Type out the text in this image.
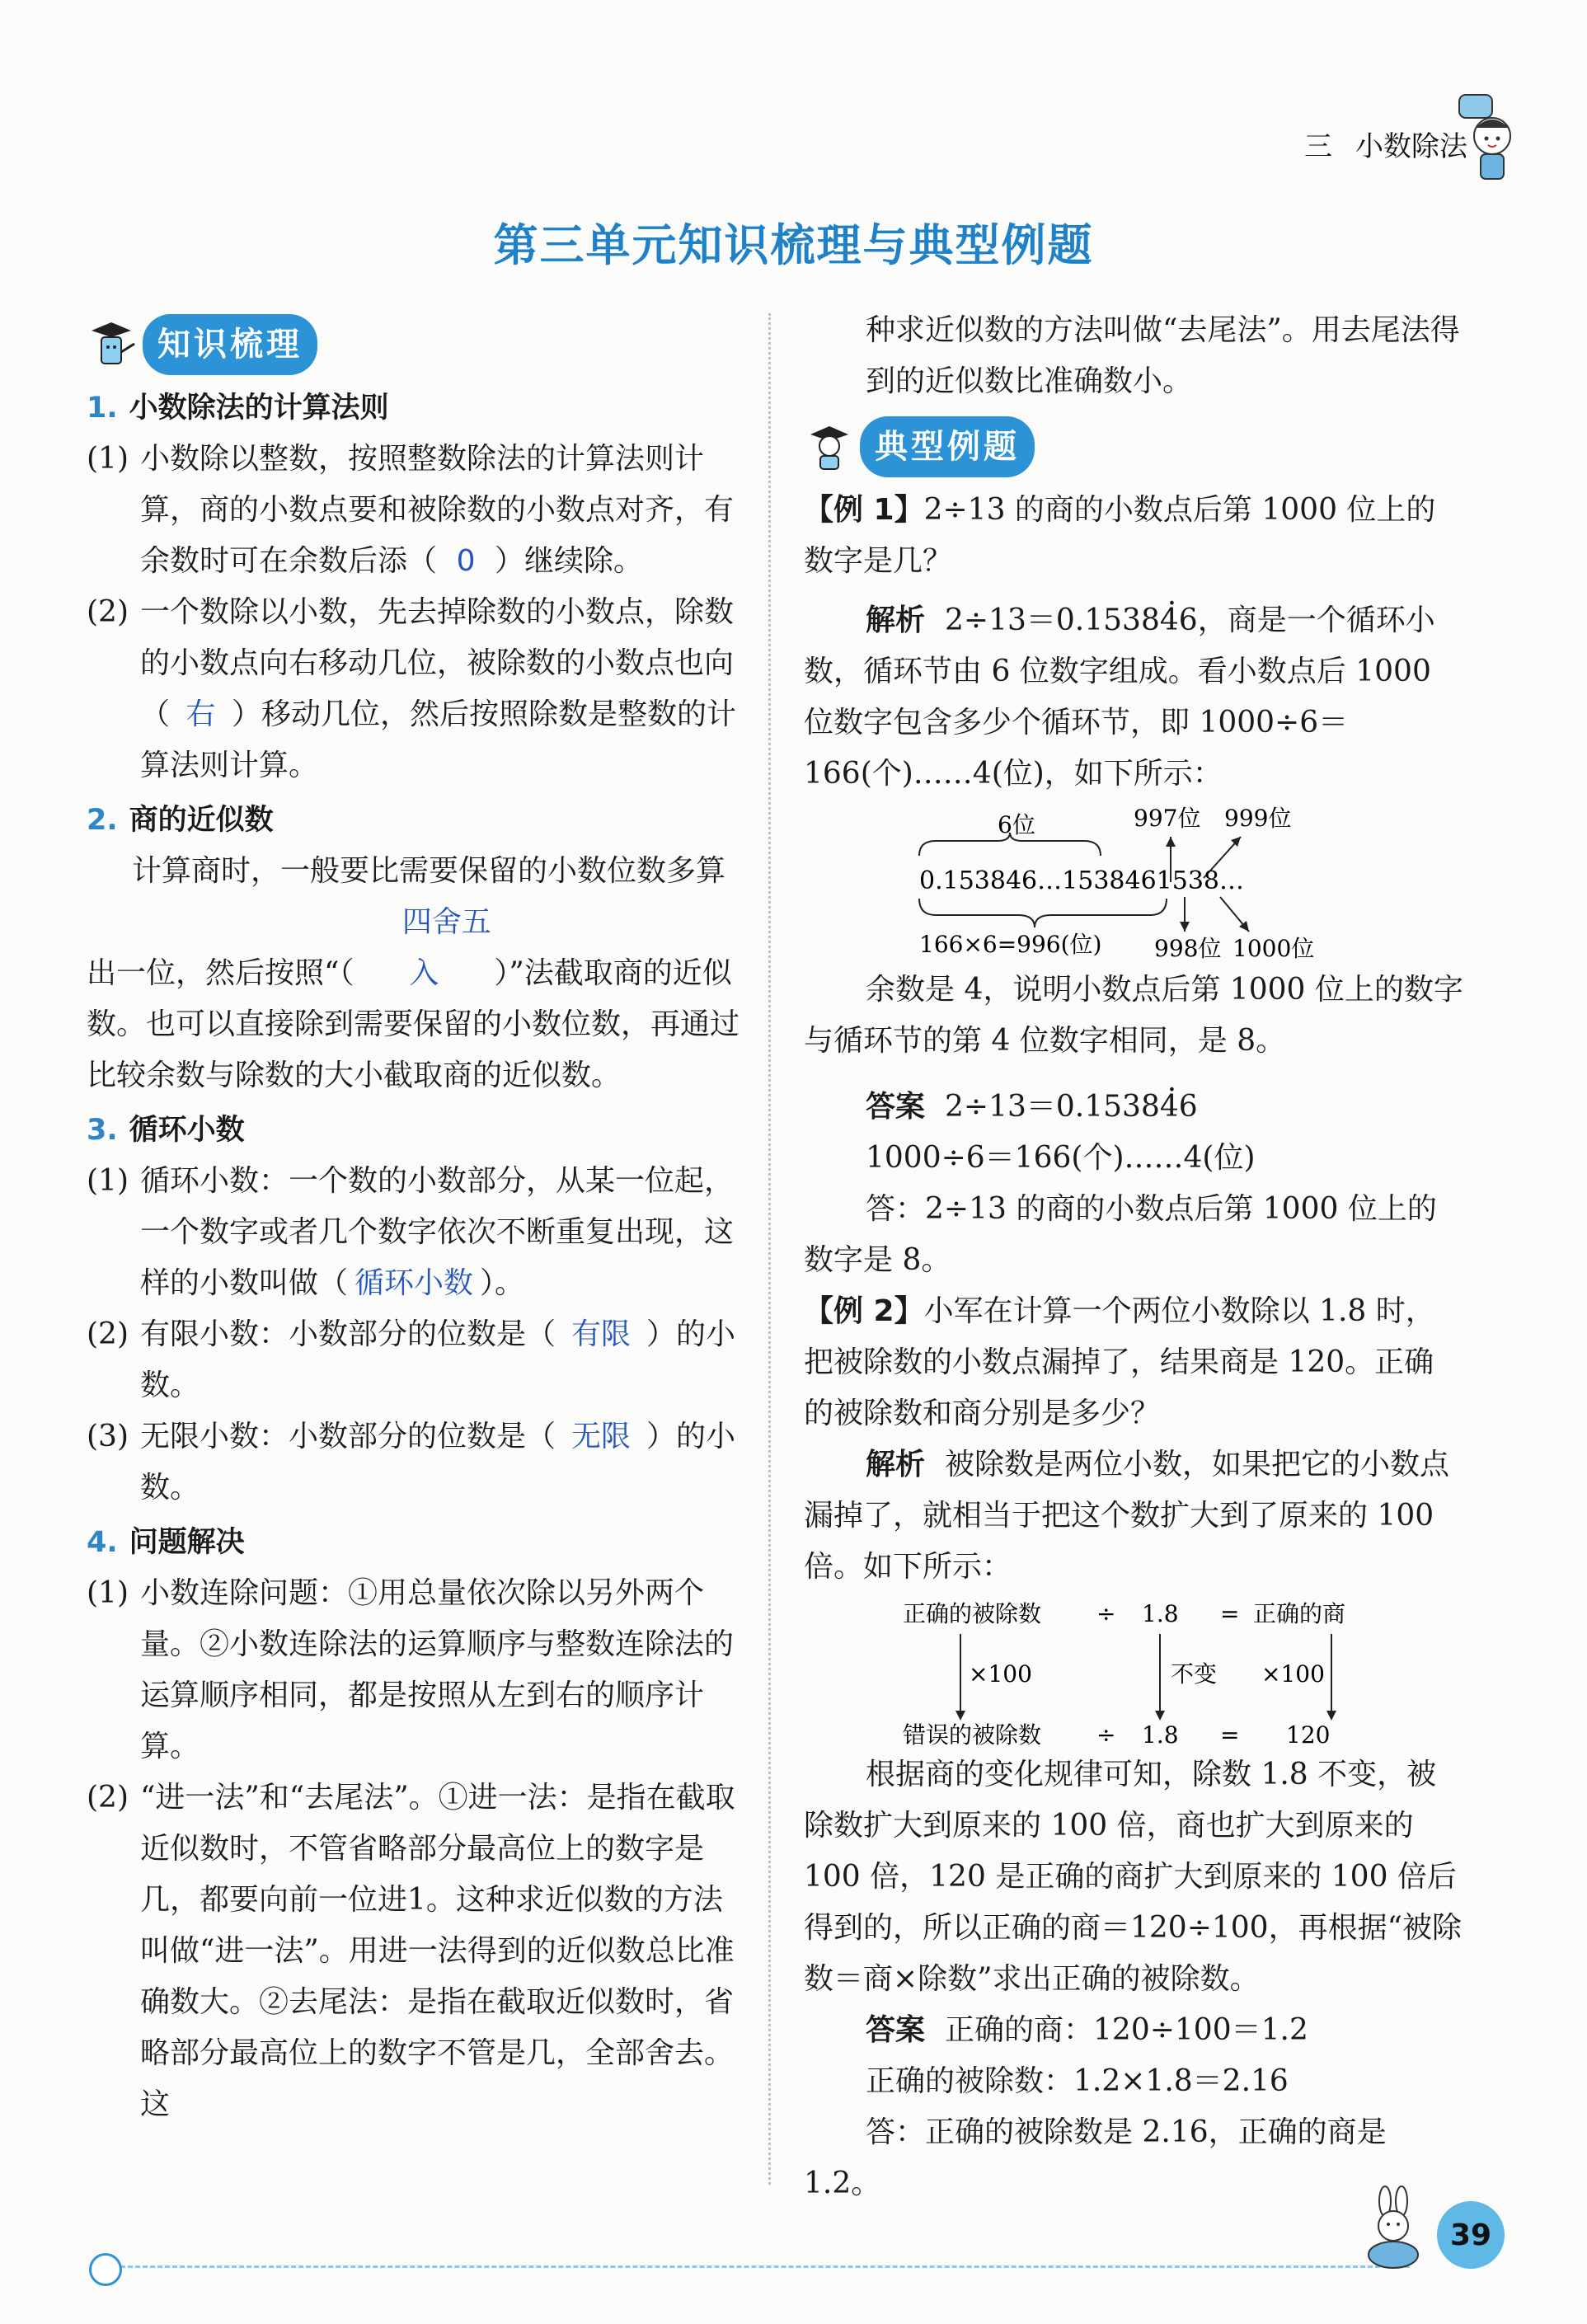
三 小数除法
第三单元知识梳理与典型例题
知识梳理
1. 小数除法的计算法则
(1) 小数除以整数，按照整数除法的计算法则计算，商的小数点要和被除数的小数点对齐，有余数时可在余数后添（ 0 ）继续除。
(2) 一个数除以小数，先去掉除数的小数点，除数的小数点向右移动几位，被除数的小数点也向（ 右 ）移动几位，然后按照除数是整数的计算法则计算。
2. 商的近似数

计算商时，一般要比需要保留的小数位数多算出一位，然后按照“（四舍五入 ）”法截取商的近似数。也可以直接除到需要保留的小数位数，再通过比较余数与除数的大小截取商的近似数。

3. 循环小数
(1) 循环小数：一个数的小数部分，从某一位起，一个数字或者几个数字依次不断重复出现，这样的小数叫做（ 循环小数 ）。
(2) 有限小数：小数部分的位数是（ 有限 ）的小数。
(3) 无限小数：小数部分的位数是（ 无限 ）的小数。
4. 问题解决
(1) 小数连除问题：①用总量依次除以另外两个量。②小数连除法的运算顺序与整数连除法的运算顺序相同，都是按照从左到右的顺序计算。
(2) “进一法”和“去尾法”。①进一法：是指在截取近似数时，不管省略部分最高位上的数字是几，都要向前一位进1。这种求近似数的方法叫做“进一法”。用进一法得到的近似数总比准确数大。②去尾法：是指在截取近似数时，省略部分最高位上的数字不管是几，全部舍去。这

种求近似数的方法叫做“去尾法”。用去尾法得到的近似数比准确数小。

典型例题

【例 1】2÷13 的商的小数点后第 1000 位上的数字是几？

解析 2÷13＝0.· 153846，商是一个循环小数，循环节由 6 位数字组成。看小数点后 1000 位数字包含多少个循环节，即 1000÷6＝166(个)……4(位)，如下所示：

6位	997位 999位
0.153846…1538461538…
166×6=996(位) 998位 1000位

余数是 4，说明小数点后第 1000 位上的数字与循环节的第 4 位数字相同，是 8。

答案 2÷13＝0.· 153846

1000÷6＝166(个)……4(位)

答：2÷13 的商的小数点后第 1000 位上的数字是 8。

【例 2】小军在计算一个两位小数除以 1.8 时，把被除数的小数点漏掉了，结果商是 120。正确的被除数和商分别是多少？

解析 被除数是两位小数，如果把它的小数点漏掉了，就相当于把这个数扩大到了原来的 100 倍。如下所示：

正确的被除数 ÷ 1.8 = 正确的商
×100	不变 ×100
错误的被除数 ÷ 1.8 = 120

根据商的变化规律可知，除数 1.8 不变，被除数扩大到原来的 100 倍，商也扩大到原来的 100 倍，120 是正确的商扩大到原来的 100 倍后得到的，所以正确的商＝120÷100，再根据“被除数＝商×除数”求出正确的被除数。

答案 正确的商：120÷100＝1.2

正确的被除数：1.2×1.8＝2.16

答：正确的被除数是 2.16，正确的商是 1.2。

39
